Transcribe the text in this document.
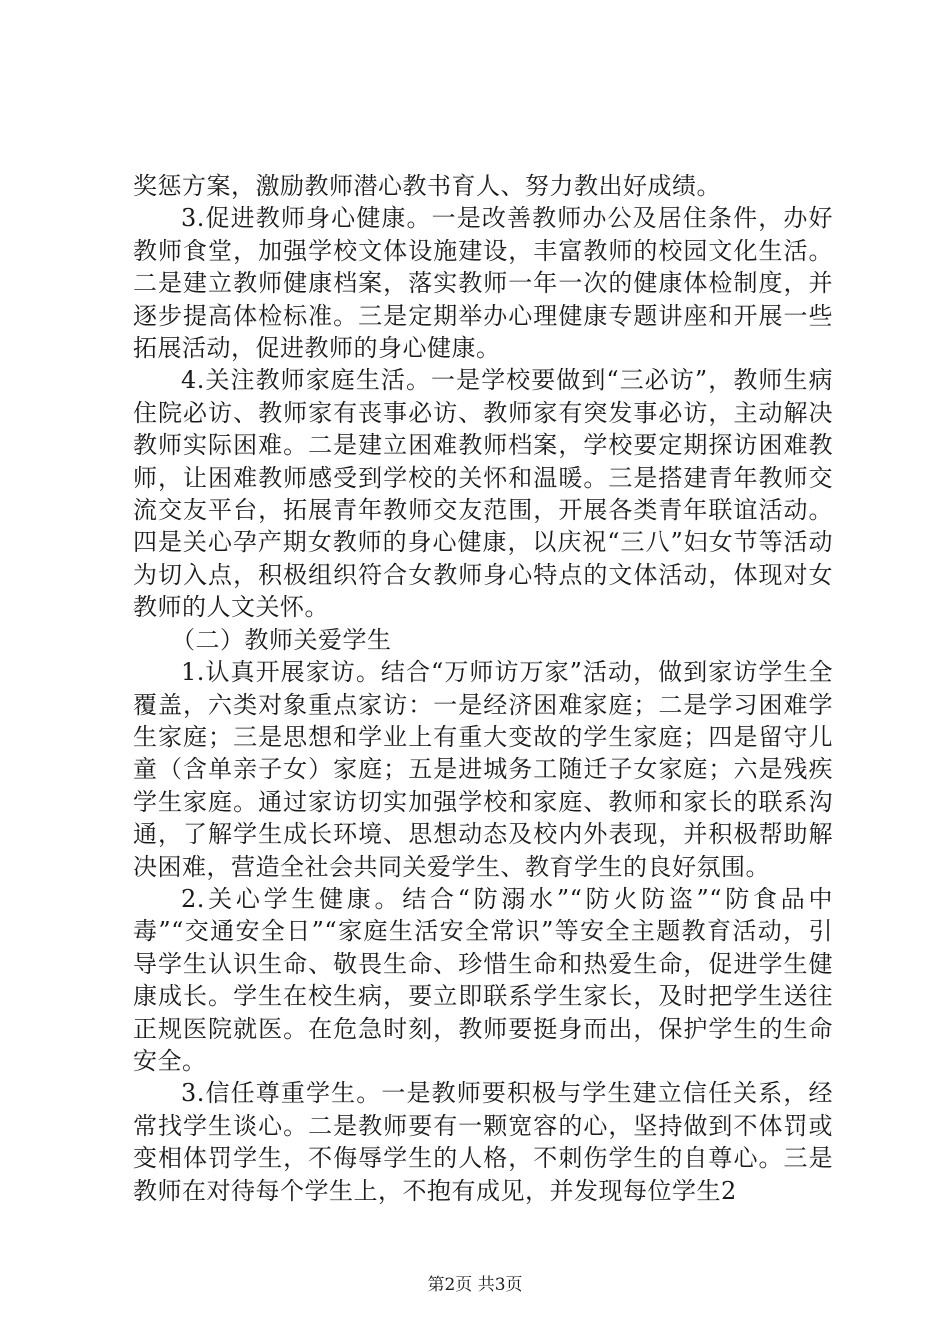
奖惩方案，激励教师潜心教书育人、努力教出好成绩。

3.促进教师身心健康。一是改善教师办公及居住条件，办好教师食堂，加强学校文体设施建设，丰富教师的校园文化生活。二是建立教师健康档案，落实教师一年一次的健康体检制度，并逐步提高体检标准。三是定期举办心理健康专题讲座和开展一些拓展活动，促进教师的身心健康。

4.关注教师家庭生活。一是学校要做到“三必访”，教师生病住院必访、教师家有丧事必访、教师家有突发事必访，主动解决教师实际困难。二是建立困难教师档案，学校要定期探访困难教师，让困难教师感受到学校的关怀和温暖。三是搭建青年教师交流交友平台，拓展青年教师交友范围，开展各类青年联谊活动。四是关心孕产期女教师的身心健康，以庆祝“三八”妇女节等活动为切入点，积极组织符合女教师身心特点的文体活动，体现对女教师的人文关怀。

（二）教师关爱学生

1.认真开展家访。结合“万师访万家”活动，做到家访学生全覆盖，六类对象重点家访：一是经济困难家庭；二是学习困难学生家庭；三是思想和学业上有重大变故的学生家庭；四是留守儿童（含单亲子女）家庭；五是进城务工随迁子女家庭；六是残疾学生家庭。通过家访切实加强学校和家庭、教师和家长的联系沟通，了解学生成长环境、思想动态及校内外表现，并积极帮助解决困难，营造全社会共同关爱学生、教育学生的良好氛围。

2.关心学生健康。结合“防溺水”“防火防盗”“防食品中毒”“交通安全日”“家庭生活安全常识”等安全主题教育活动，引导学生认识生命、敬畏生命、珍惜生命和热爱生命，促进学生健康成长。学生在校生病，要立即联系学生家长，及时把学生送往正规医院就医。在危急时刻，教师要挺身而出，保护学生的生命安全。

3.信任尊重学生。一是教师要积极与学生建立信任关系，经常找学生谈心。二是教师要有一颗宽容的心，坚持做到不体罚或变相体罚学生，不侮辱学生的人格，不刺伤学生的自尊心。三是教师在对待每个学生上，不抱有成见，并发现每位学生2

第2页 共3页
